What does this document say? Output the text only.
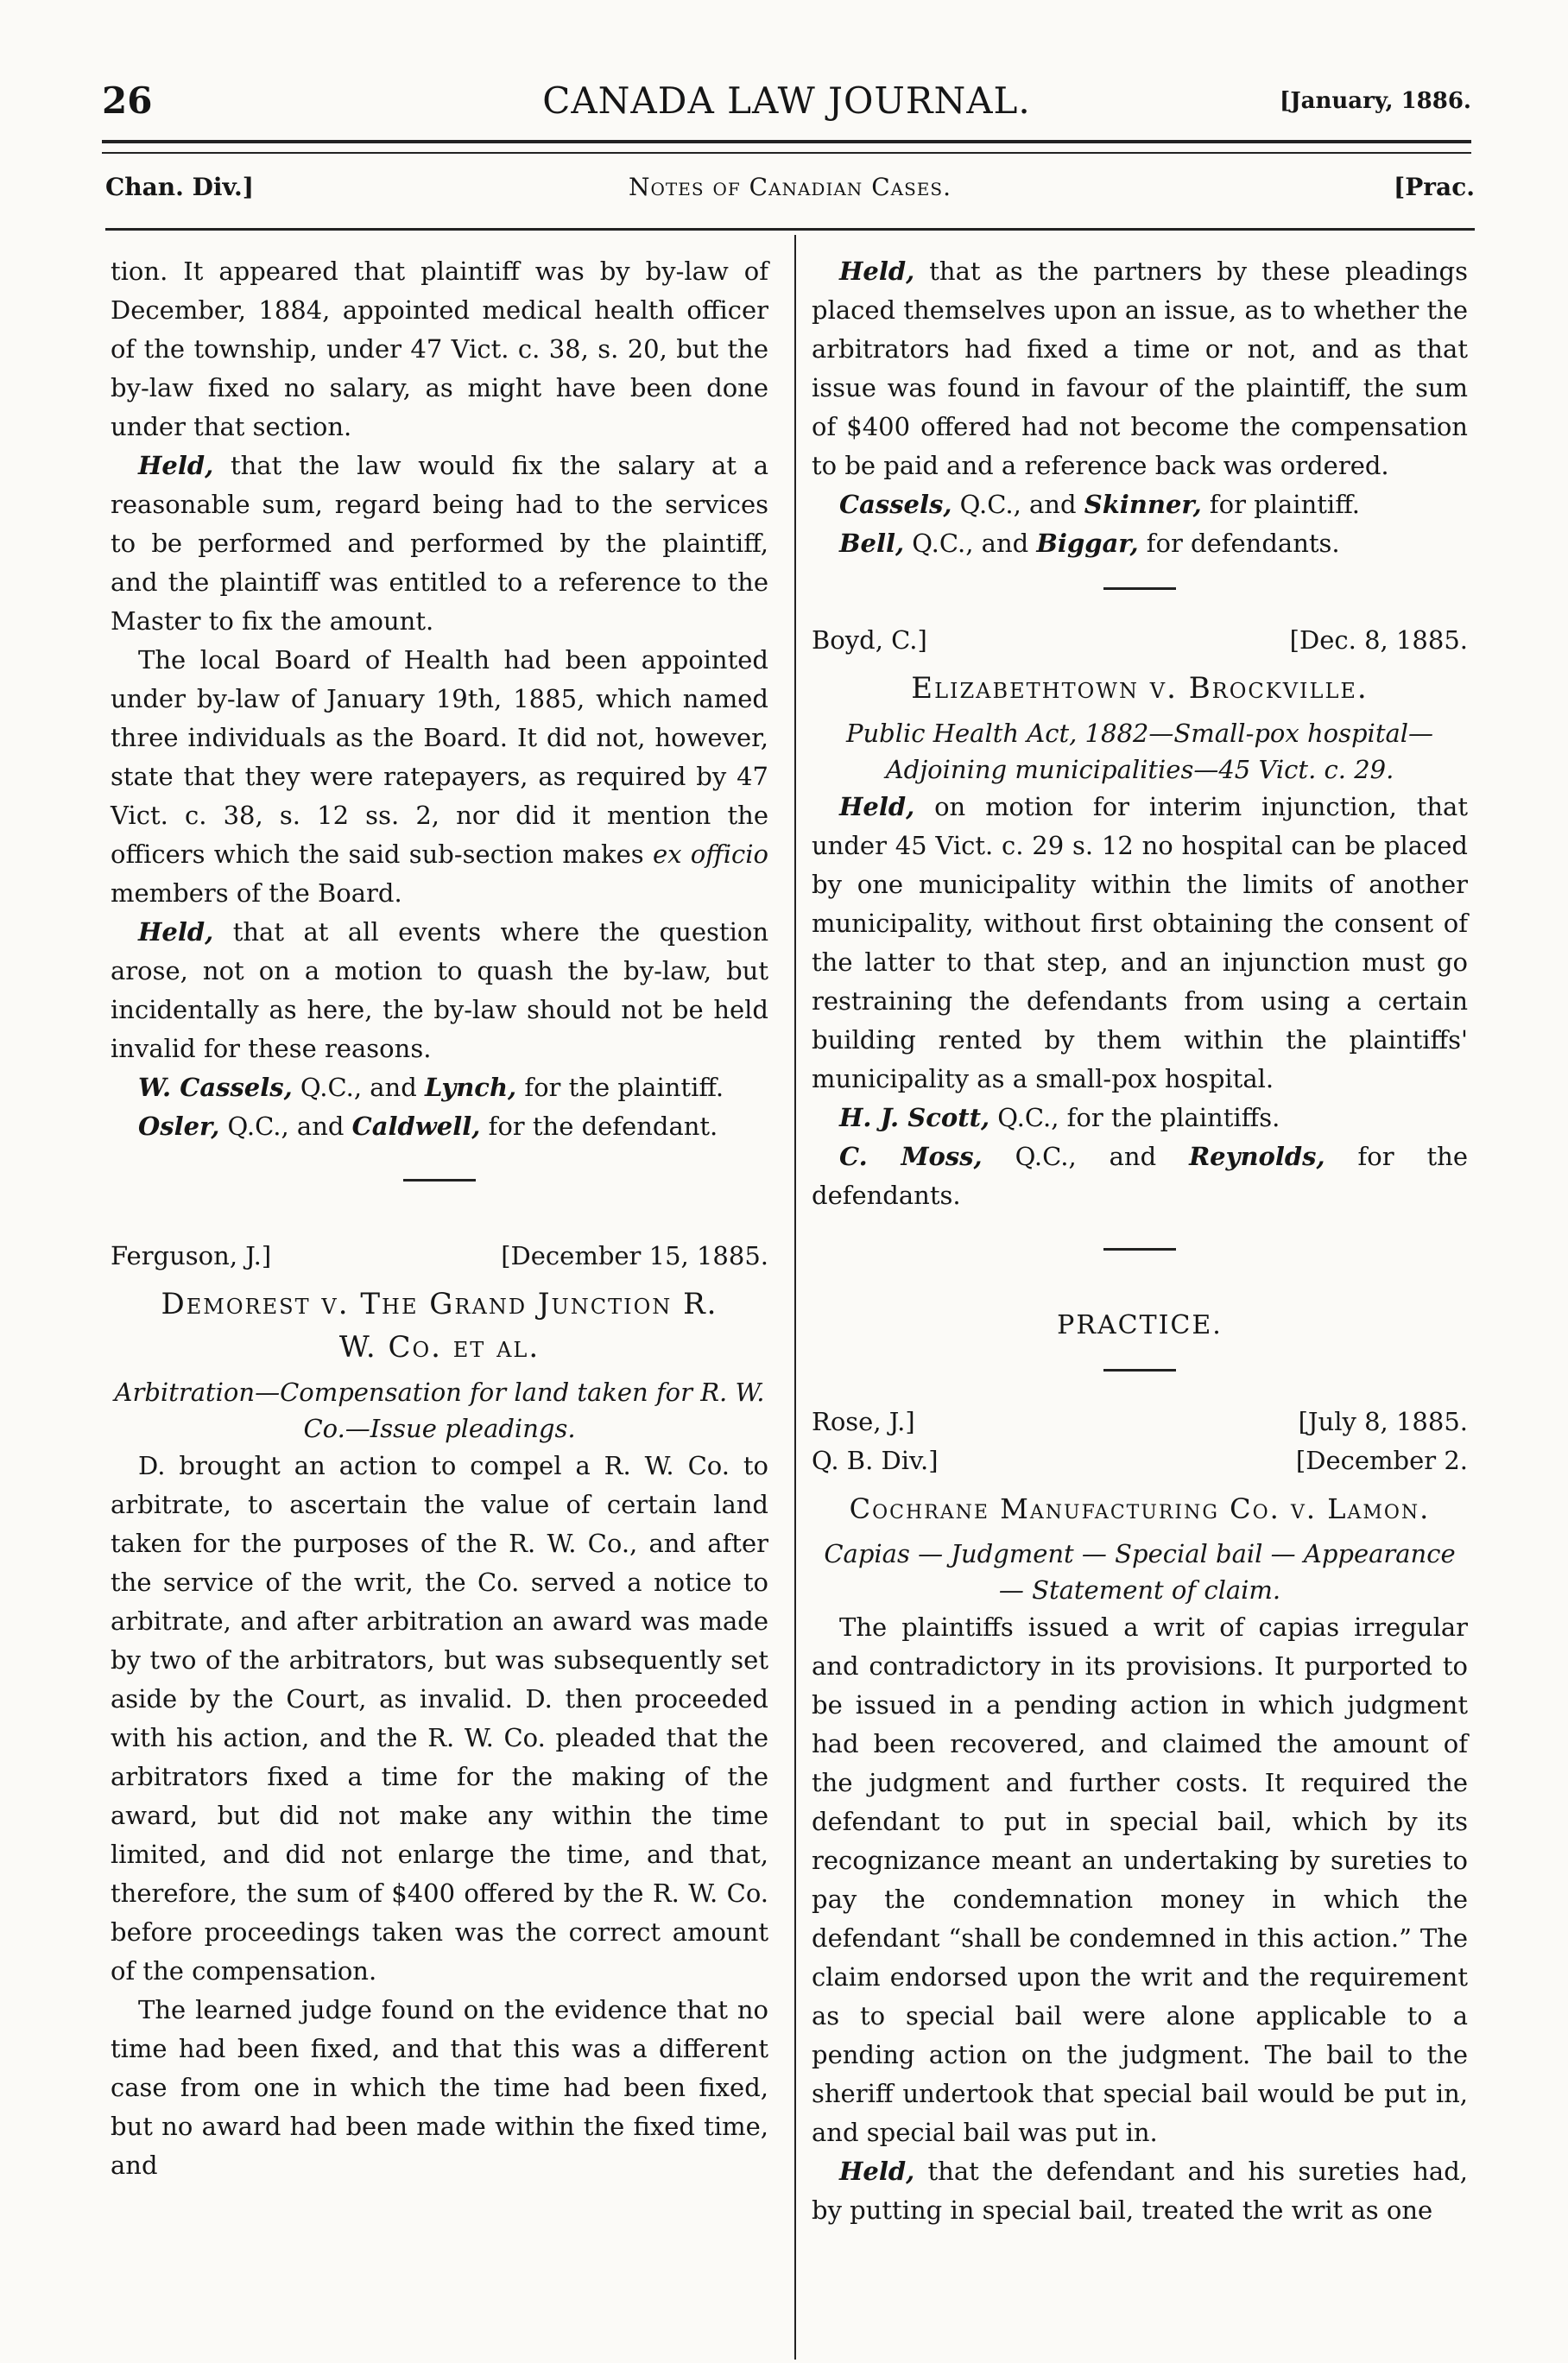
26	CANADA LAW JOURNAL.	[January, 1886.
Chan. Div.]	Notes of Canadian Cases.	[Prac.

tion. It appeared that plaintiff was by by-law of December, 1884, appointed medical health officer of the township, under 47 Vict. c. 38, s. 20, but the by-law fixed no salary, as might have been done under that section.

Held, that the law would fix the salary at a reasonable sum, regard being had to the services to be performed and performed by the plaintiff, and the plaintiff was entitled to a reference to the Master to fix the amount.

The local Board of Health had been appointed under by-law of January 19th, 1885, which named three individuals as the Board. It did not, however, state that they were ratepayers, as required by 47 Vict. c. 38, s. 12 ss. 2, nor did it mention the officers which the said sub-section makes ex officio members of the Board.

Held, that at all events where the question arose, not on a motion to quash the by-law, but incidentally as here, the by-law should not be held invalid for these reasons.

W. Cassels, Q.C., and Lynch, for the plaintiff.

Osler, Q.C., and Caldwell, for the defendant.

Ferguson, J.]	[December 15, 1885.
Demorest v. The Grand Junction R.
W. Co. et al.

Arbitration—Compensation for land taken for R. W. Co.—Issue pleadings.

D. brought an action to compel a R. W. Co. to arbitrate, to ascertain the value of certain land taken for the purposes of the R. W. Co., and after the service of the writ, the Co. served a notice to arbitrate, and after arbitration an award was made by two of the arbitrators, but was subsequently set aside by the Court, as invalid. D. then proceeded with his action, and the R. W. Co. pleaded that the arbitrators fixed a time for the making of the award, but did not make any within the time limited, and did not enlarge the time, and that, therefore, the sum of $400 offered by the R. W. Co. before proceedings taken was the correct amount of the compensation.

The learned judge found on the evidence that no time had been fixed, and that this was a different case from one in which the time had been fixed, but no award had been made within the fixed time, and

Held, that as the partners by these pleadings placed themselves upon an issue, as to whether the arbitrators had fixed a time or not, and as that issue was found in favour of the plaintiff, the sum of $400 offered had not become the compensation to be paid and a reference back was ordered.

Cassels, Q.C., and Skinner, for plaintiff.

Bell, Q.C., and Biggar, for defendants.

Boyd, C.]	[Dec. 8, 1885.
Elizabethtown v. Brockville.

Public Health Act, 1882—Small-pox hospital—Adjoining municipalities—45 Vict. c. 29.

Held, on motion for interim injunction, that under 45 Vict. c. 29 s. 12 no hospital can be placed by one municipality within the limits of another municipality, without first obtaining the consent of the latter to that step, and an injunction must go restraining the defendants from using a certain building rented by them within the plaintiffs' municipality as a small-pox hospital.

H. J. Scott, Q.C., for the plaintiffs.

C. Moss, Q.C., and Reynolds, for the defendants.

PRACTICE.

Rose, J.]	[July 8, 1885.
Q. B. Div.]	[December 2.
Cochrane Manufacturing Co. v. Lamon.

Capias — Judgment — Special bail — Appearance — Statement of claim.

The plaintiffs issued a writ of capias irregular and contradictory in its provisions. It purported to be issued in a pending action in which judgment had been recovered, and claimed the amount of the judgment and further costs. It required the defendant to put in special bail, which by its recognizance meant an undertaking by sureties to pay the condemnation money in which the defendant “shall be condemned in this action.” The claim endorsed upon the writ and the requirement as to special bail were alone applicable to a pending action on the judgment. The bail to the sheriff undertook that special bail would be put in, and special bail was put in.

Held, that the defendant and his sureties had, by putting in special bail, treated the writ as one
